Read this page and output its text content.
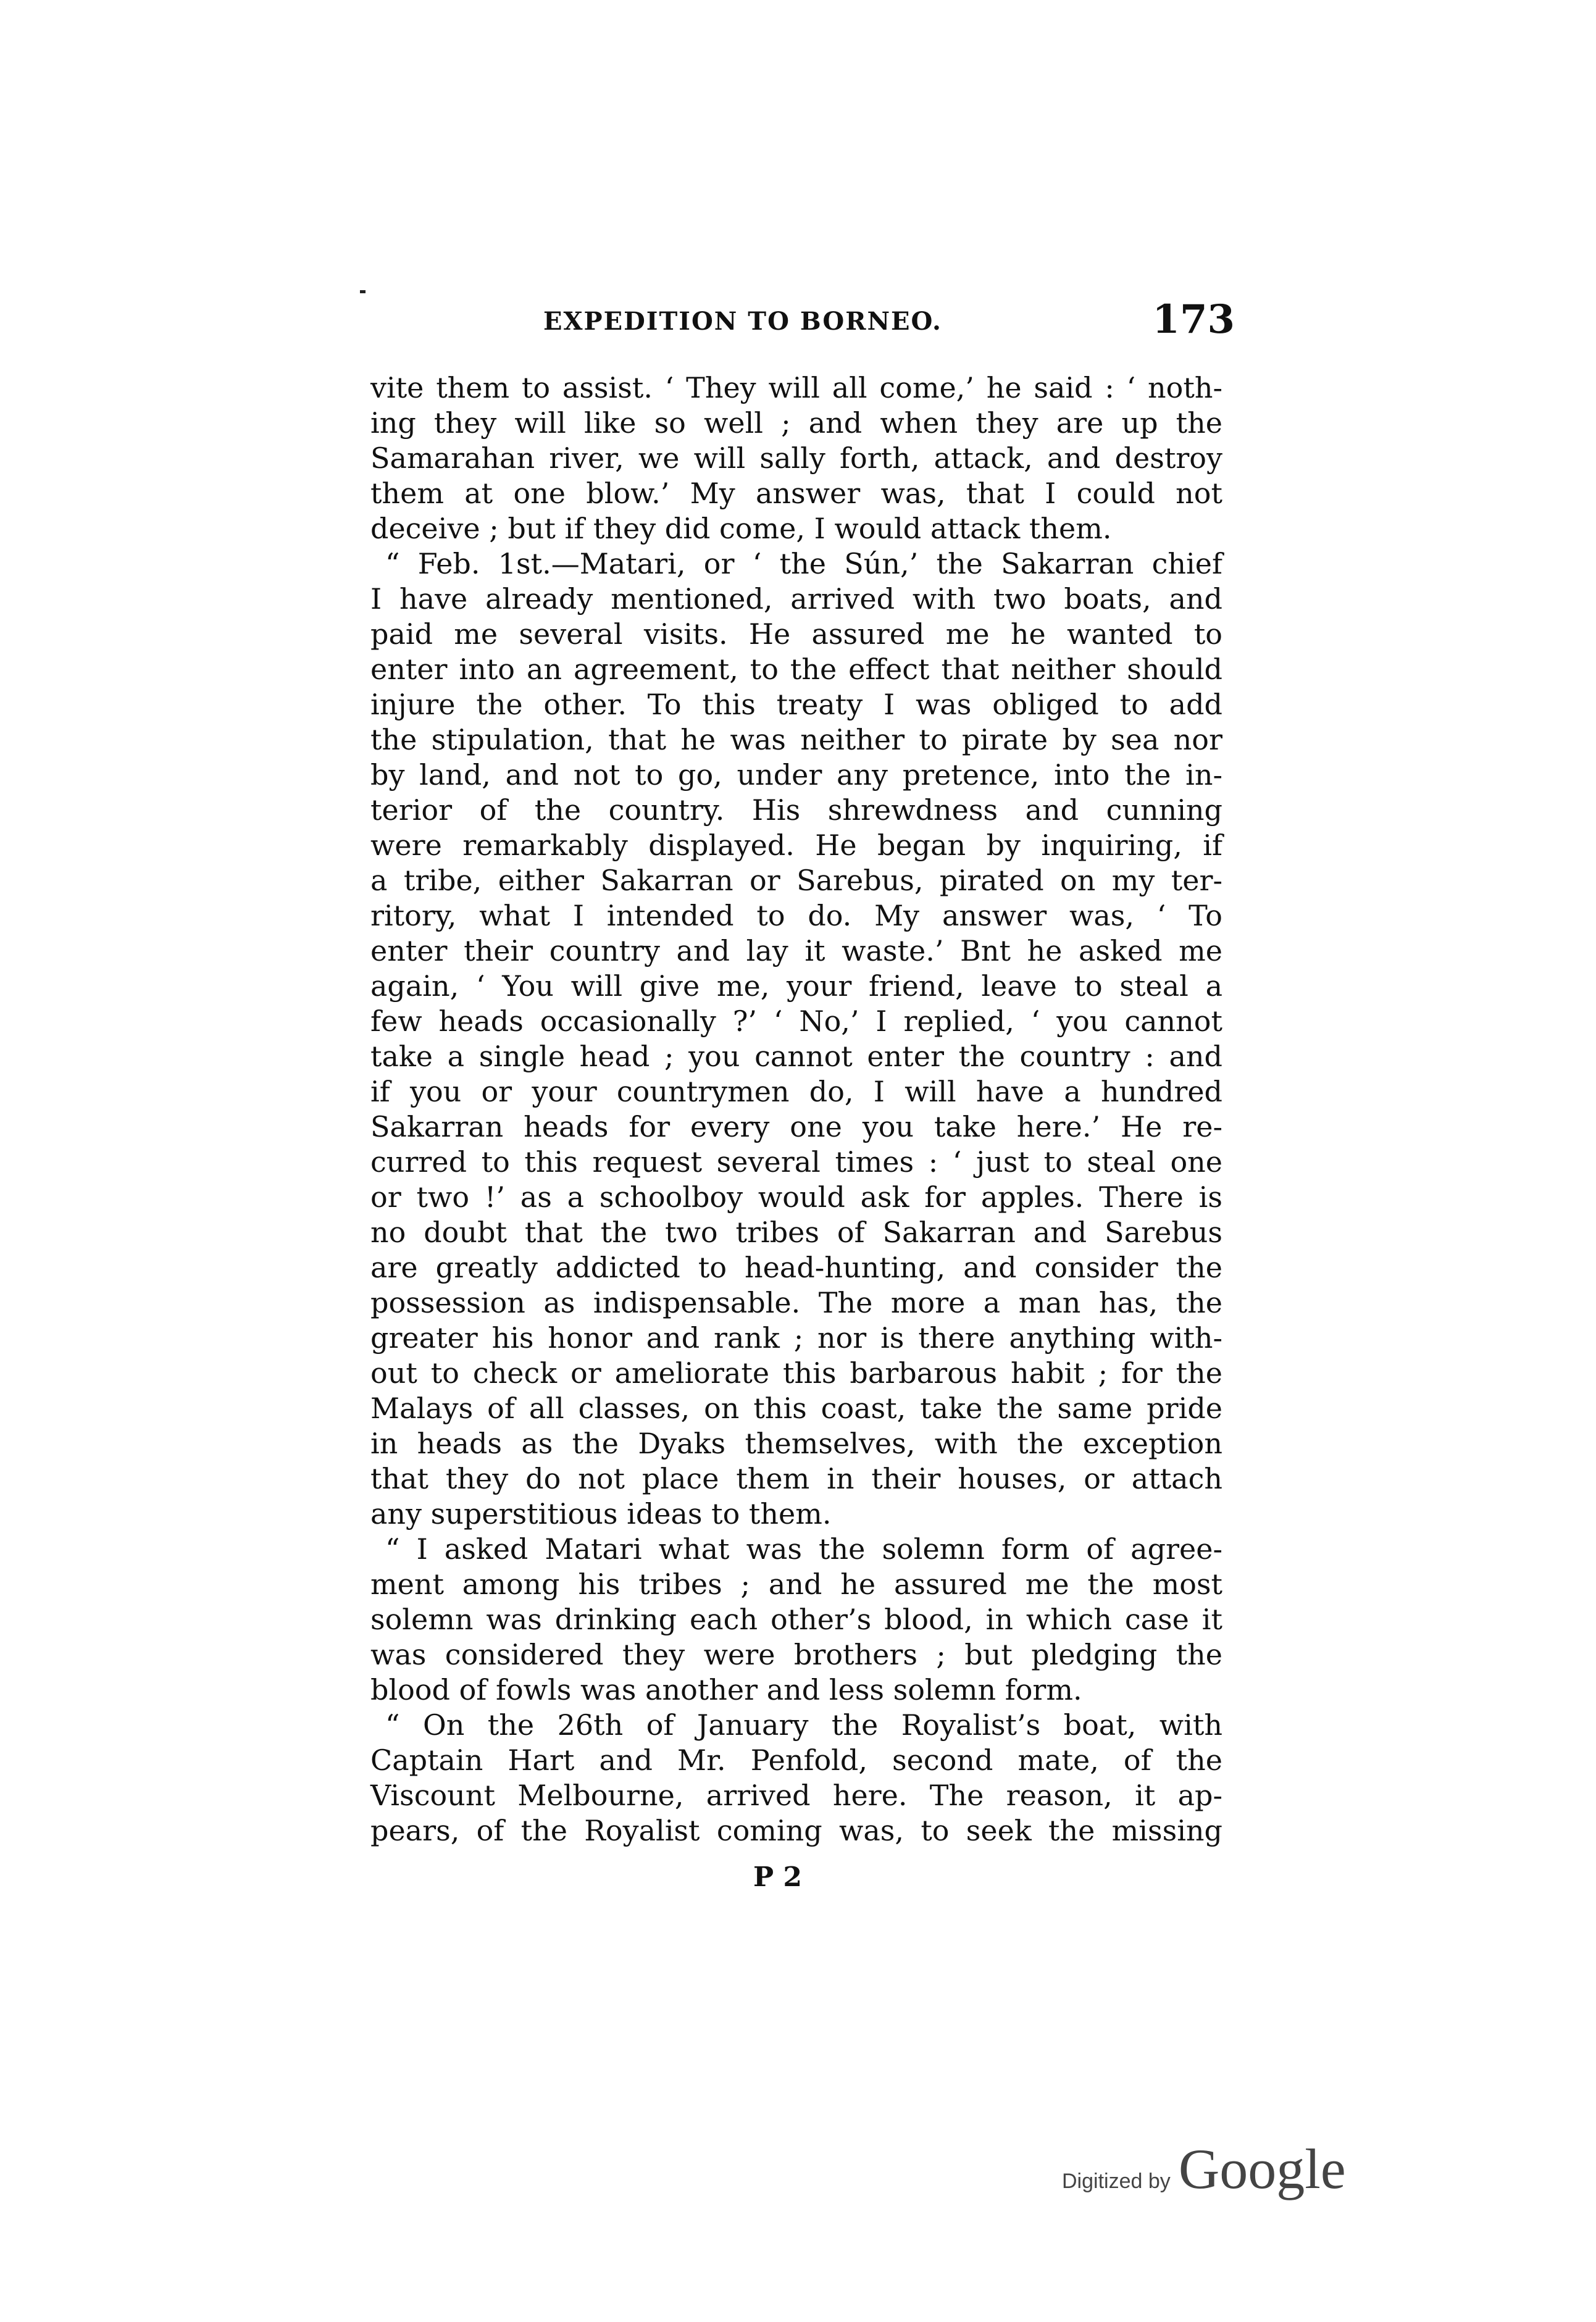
EXPEDITION TO BORNEO.	173
vite them to assist. ‘ They will all come,’ he said : ‘ noth-
ing they will like so well ; and when they are up the
Samarahan river, we will sally forth, attack, and destroy
them at one blow.’ My answer was, that I could not
deceive ; but if they did come, I would attack them.
“ Feb. 1st.—Matari, or ‘ the Sún,’ the Sakarran chief
I have already mentioned, arrived with two boats, and
paid me several visits. He assured me he wanted to
enter into an agreement, to the effect that neither should
injure the other. To this treaty I was obliged to add
the stipulation, that he was neither to pirate by sea nor
by land, and not to go, under any pretence, into the in-
terior of the country. His shrewdness and cunning
were remarkably displayed. He began by inquiring, if
a tribe, either Sakarran or Sarebus, pirated on my ter-
ritory, what I intended to do. My answer was, ‘ To
enter their country and lay it waste.’ Bnt he asked me
again, ‘ You will give me, your friend, leave to steal a
few heads occasionally ?’ ‘ No,’ I replied, ‘ you cannot
take a single head ; you cannot enter the country : and
if you or your countrymen do, I will have a hundred
Sakarran heads for every one you take here.’ He re-
curred to this request several times : ‘ just to steal one
or two !’ as a schoolboy would ask for apples. There is
no doubt that the two tribes of Sakarran and Sarebus
are greatly addicted to head-hunting, and consider the
possession as indispensable. The more a man has, the
greater his honor and rank ; nor is there anything with-
out to check or ameliorate this barbarous habit ; for the
Malays of all classes, on this coast, take the same pride
in heads as the Dyaks themselves, with the exception
that they do not place them in their houses, or attach
any superstitious ideas to them.
“ I asked Matari what was the solemn form of agree-
ment among his tribes ; and he assured me the most
solemn was drinking each other’s blood, in which case it
was considered they were brothers ; but pledging the
blood of fowls was another and less solemn form.
“ On the 26th of January the Royalist’s boat, with
Captain Hart and Mr. Penfold, second mate, of the
Viscount Melbourne, arrived here. The reason, it ap-
pears, of the Royalist coming was, to seek the missing
P 2
Digitized by Google
